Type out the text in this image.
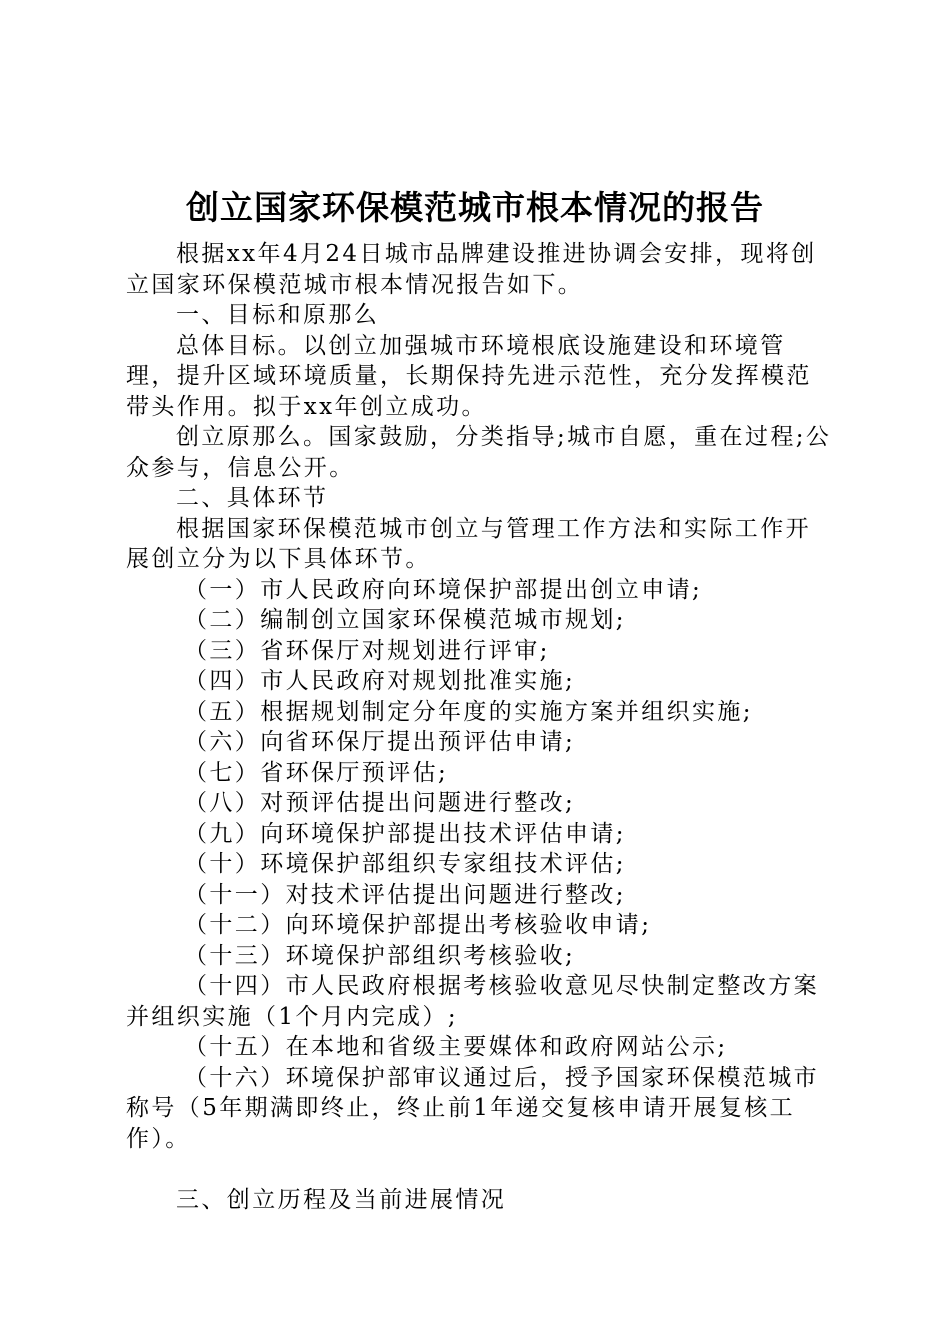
创立国家环保模范城市根本情况的报告

根据xx年4月24日城市品牌建设推进协调会安排，现将创立国家环保模范城市根本情况报告如下。

一、目标和原那么

总体目标。以创立加强城市环境根底设施建设和环境管理，提升区域环境质量，长期保持先进示范性，充分发挥模范带头作用。拟于xx年创立成功。

创立原那么。国家鼓励，分类指导;城市自愿，重在过程;公众参与，信息公开。

二、具体环节

根据国家环保模范城市创立与管理工作方法和实际工作开展创立分为以下具体环节。

（一）市人民政府向环境保护部提出创立申请;

（二）编制创立国家环保模范城市规划;

（三）省环保厅对规划进行评审;

（四）市人民政府对规划批准实施;

（五）根据规划制定分年度的实施方案并组织实施;

（六）向省环保厅提出预评估申请;

（七）省环保厅预评估;

（八）对预评估提出问题进行整改;

（九）向环境保护部提出技术评估申请;

（十）环境保护部组织专家组技术评估;

（十一）对技术评估提出问题进行整改;

（十二）向环境保护部提出考核验收申请;

（十三）环境保护部组织考核验收;

（十四）市人民政府根据考核验收意见尽快制定整改方案并组织实施（1个月内完成）;

（十五）在本地和省级主要媒体和政府网站公示;

（十六）环境保护部审议通过后，授予国家环保模范城市称号（5年期满即终止，终止前1年递交复核申请开展复核工作）。

三、创立历程及当前进展情况
